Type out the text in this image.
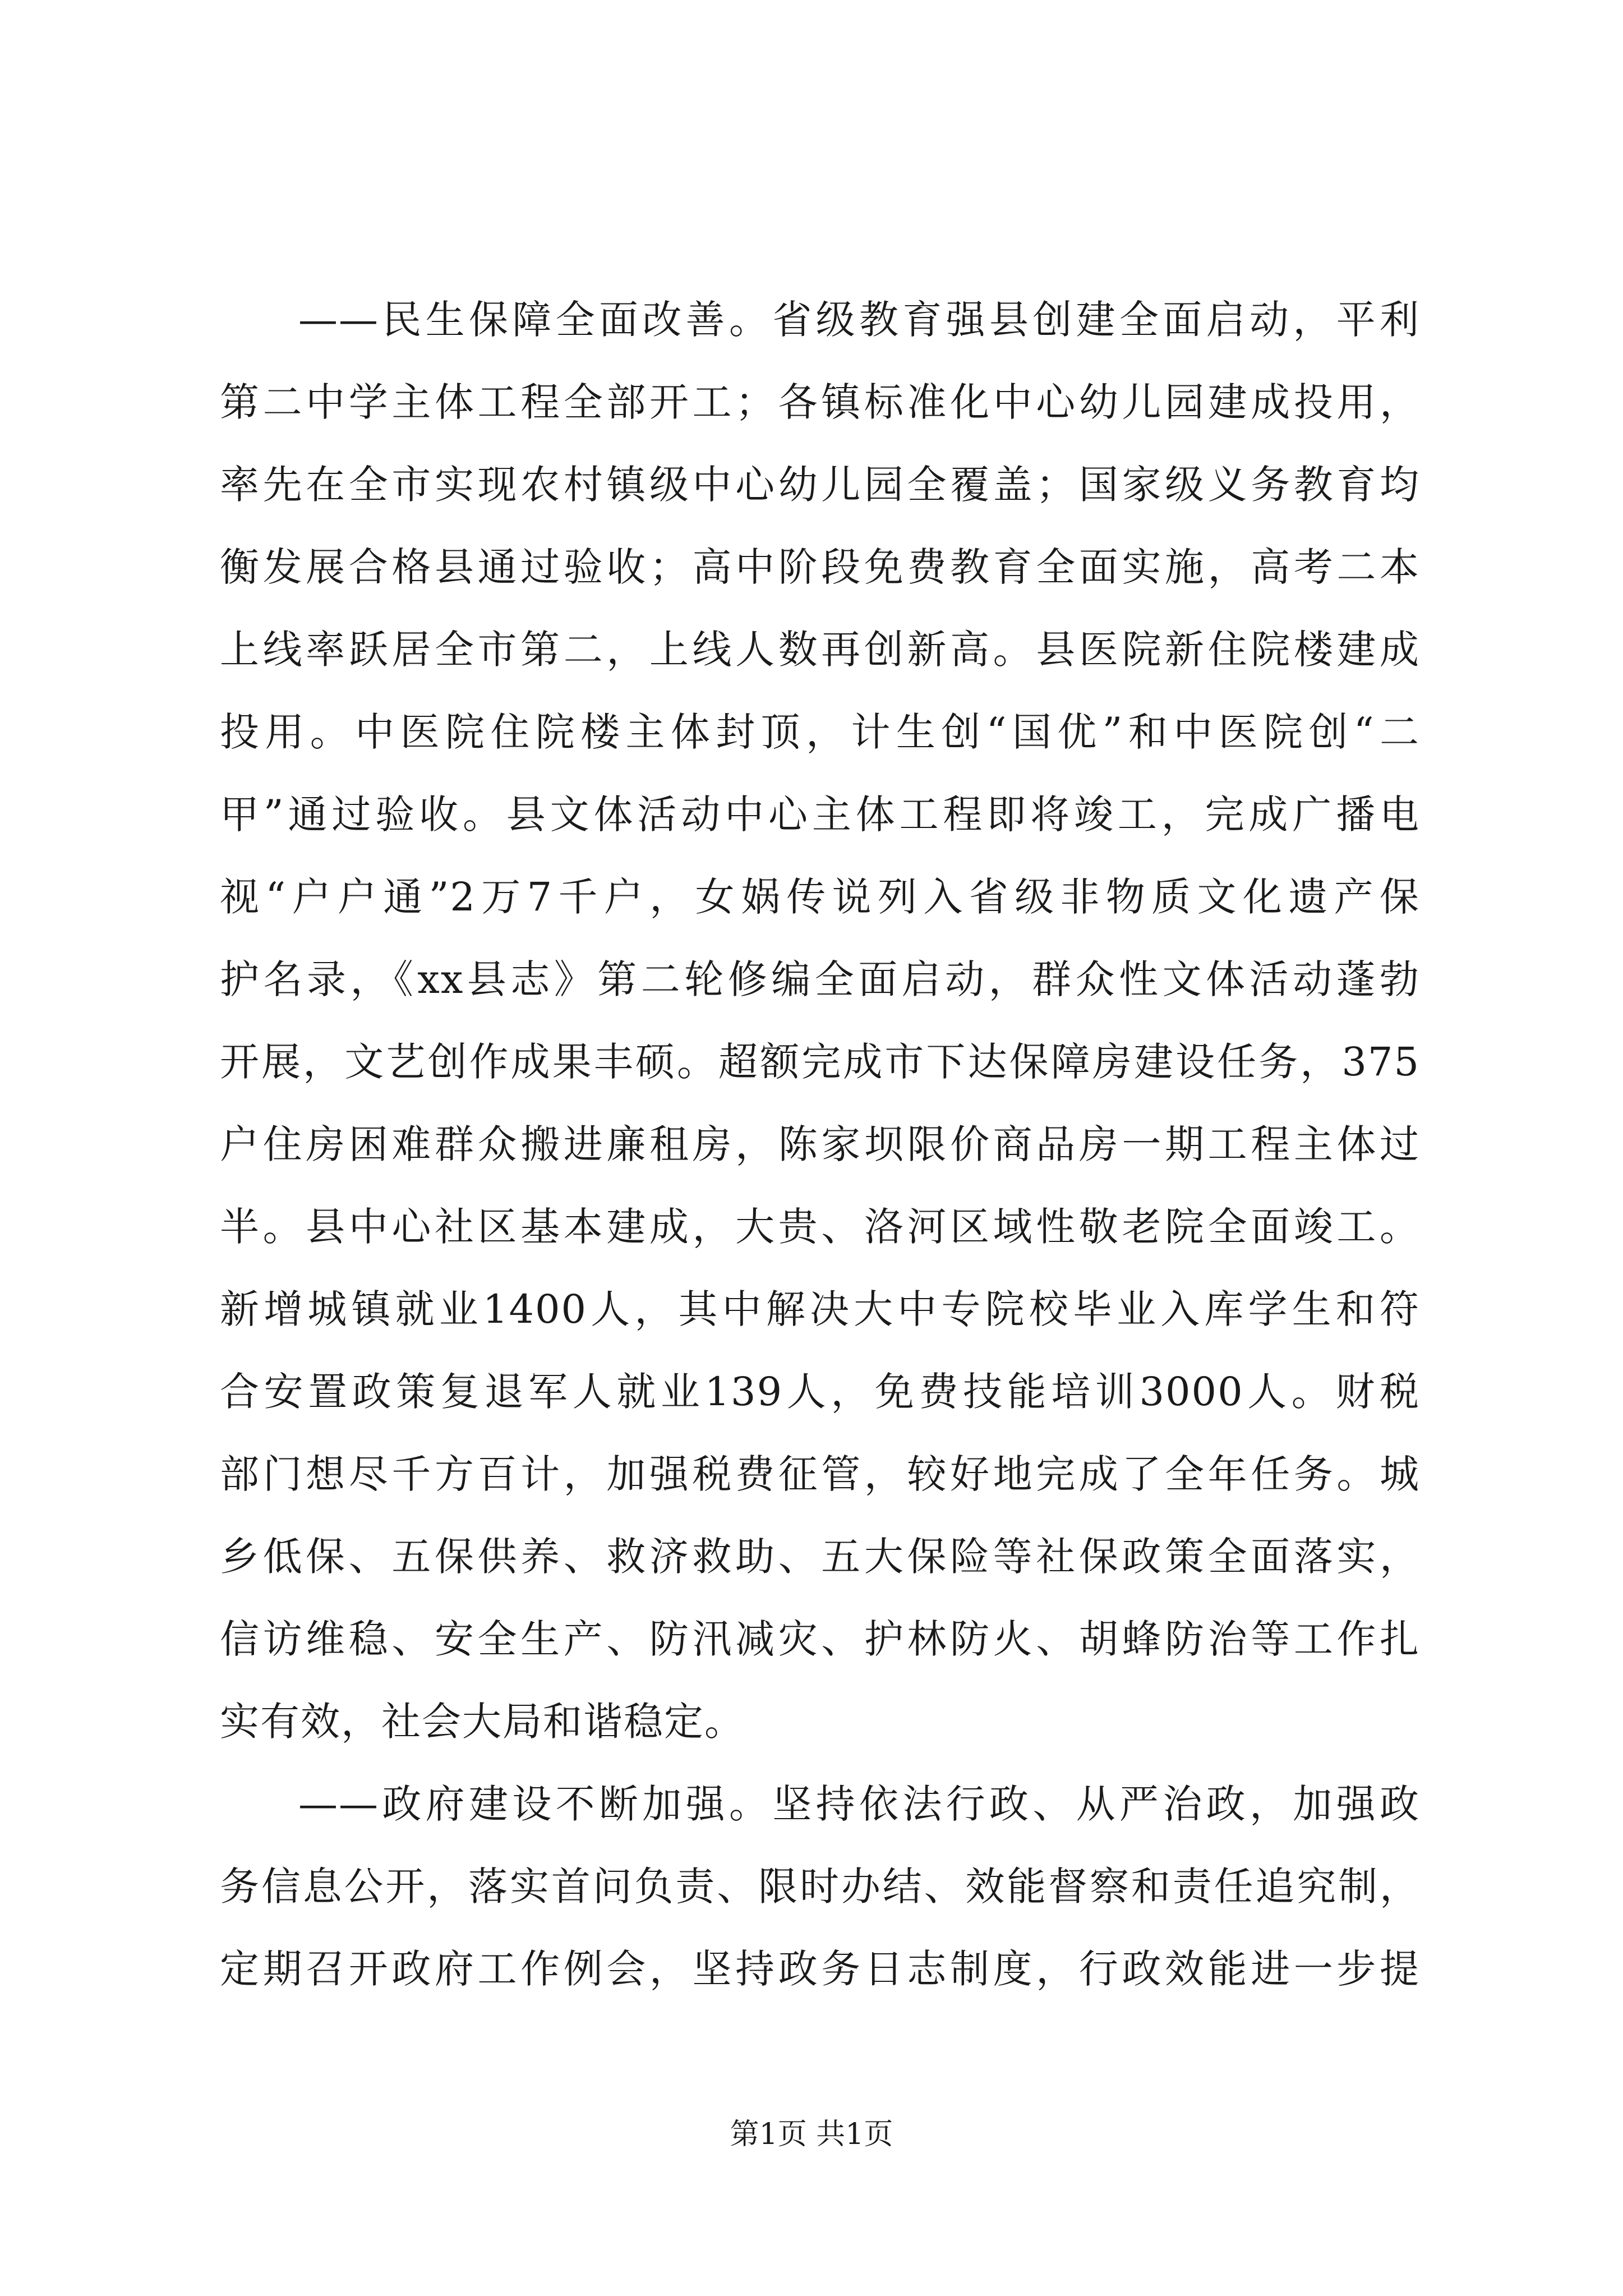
——民生保障全面改善。省级教育强县创建全面启动，平利
第二中学主体工程全部开工；各镇标准化中心幼儿园建成投用，
率先在全市实现农村镇级中心幼儿园全覆盖；国家级义务教育均
衡发展合格县通过验收；高中阶段免费教育全面实施，高考二本
上线率跃居全市第二，上线人数再创新高。县医院新住院楼建成
投用。中医院住院楼主体封顶，计生创“国优”和中医院创“二
甲”通过验收。县文体活动中心主体工程即将竣工，完成广播电
视“户户通”2万7千户，女娲传说列入省级非物质文化遗产保
护名录，《xx县志》第二轮修编全面启动，群众性文体活动蓬勃
开展，文艺创作成果丰硕。超额完成市下达保障房建设任务，375
户住房困难群众搬进廉租房，陈家坝限价商品房一期工程主体过
半。县中心社区基本建成，大贵、洛河区域性敬老院全面竣工。
新增城镇就业1400人，其中解决大中专院校毕业入库学生和符
合安置政策复退军人就业139人，免费技能培训3000人。财税
部门想尽千方百计，加强税费征管，较好地完成了全年任务。城
乡低保、五保供养、救济救助、五大保险等社保政策全面落实，
信访维稳、安全生产、防汛减灾、护林防火、胡蜂防治等工作扎
实有效，社会大局和谐稳定。
——政府建设不断加强。坚持依法行政、从严治政，加强政
务信息公开，落实首问负责、限时办结、效能督察和责任追究制，
定期召开政府工作例会，坚持政务日志制度，行政效能进一步提
第1页 共1页
